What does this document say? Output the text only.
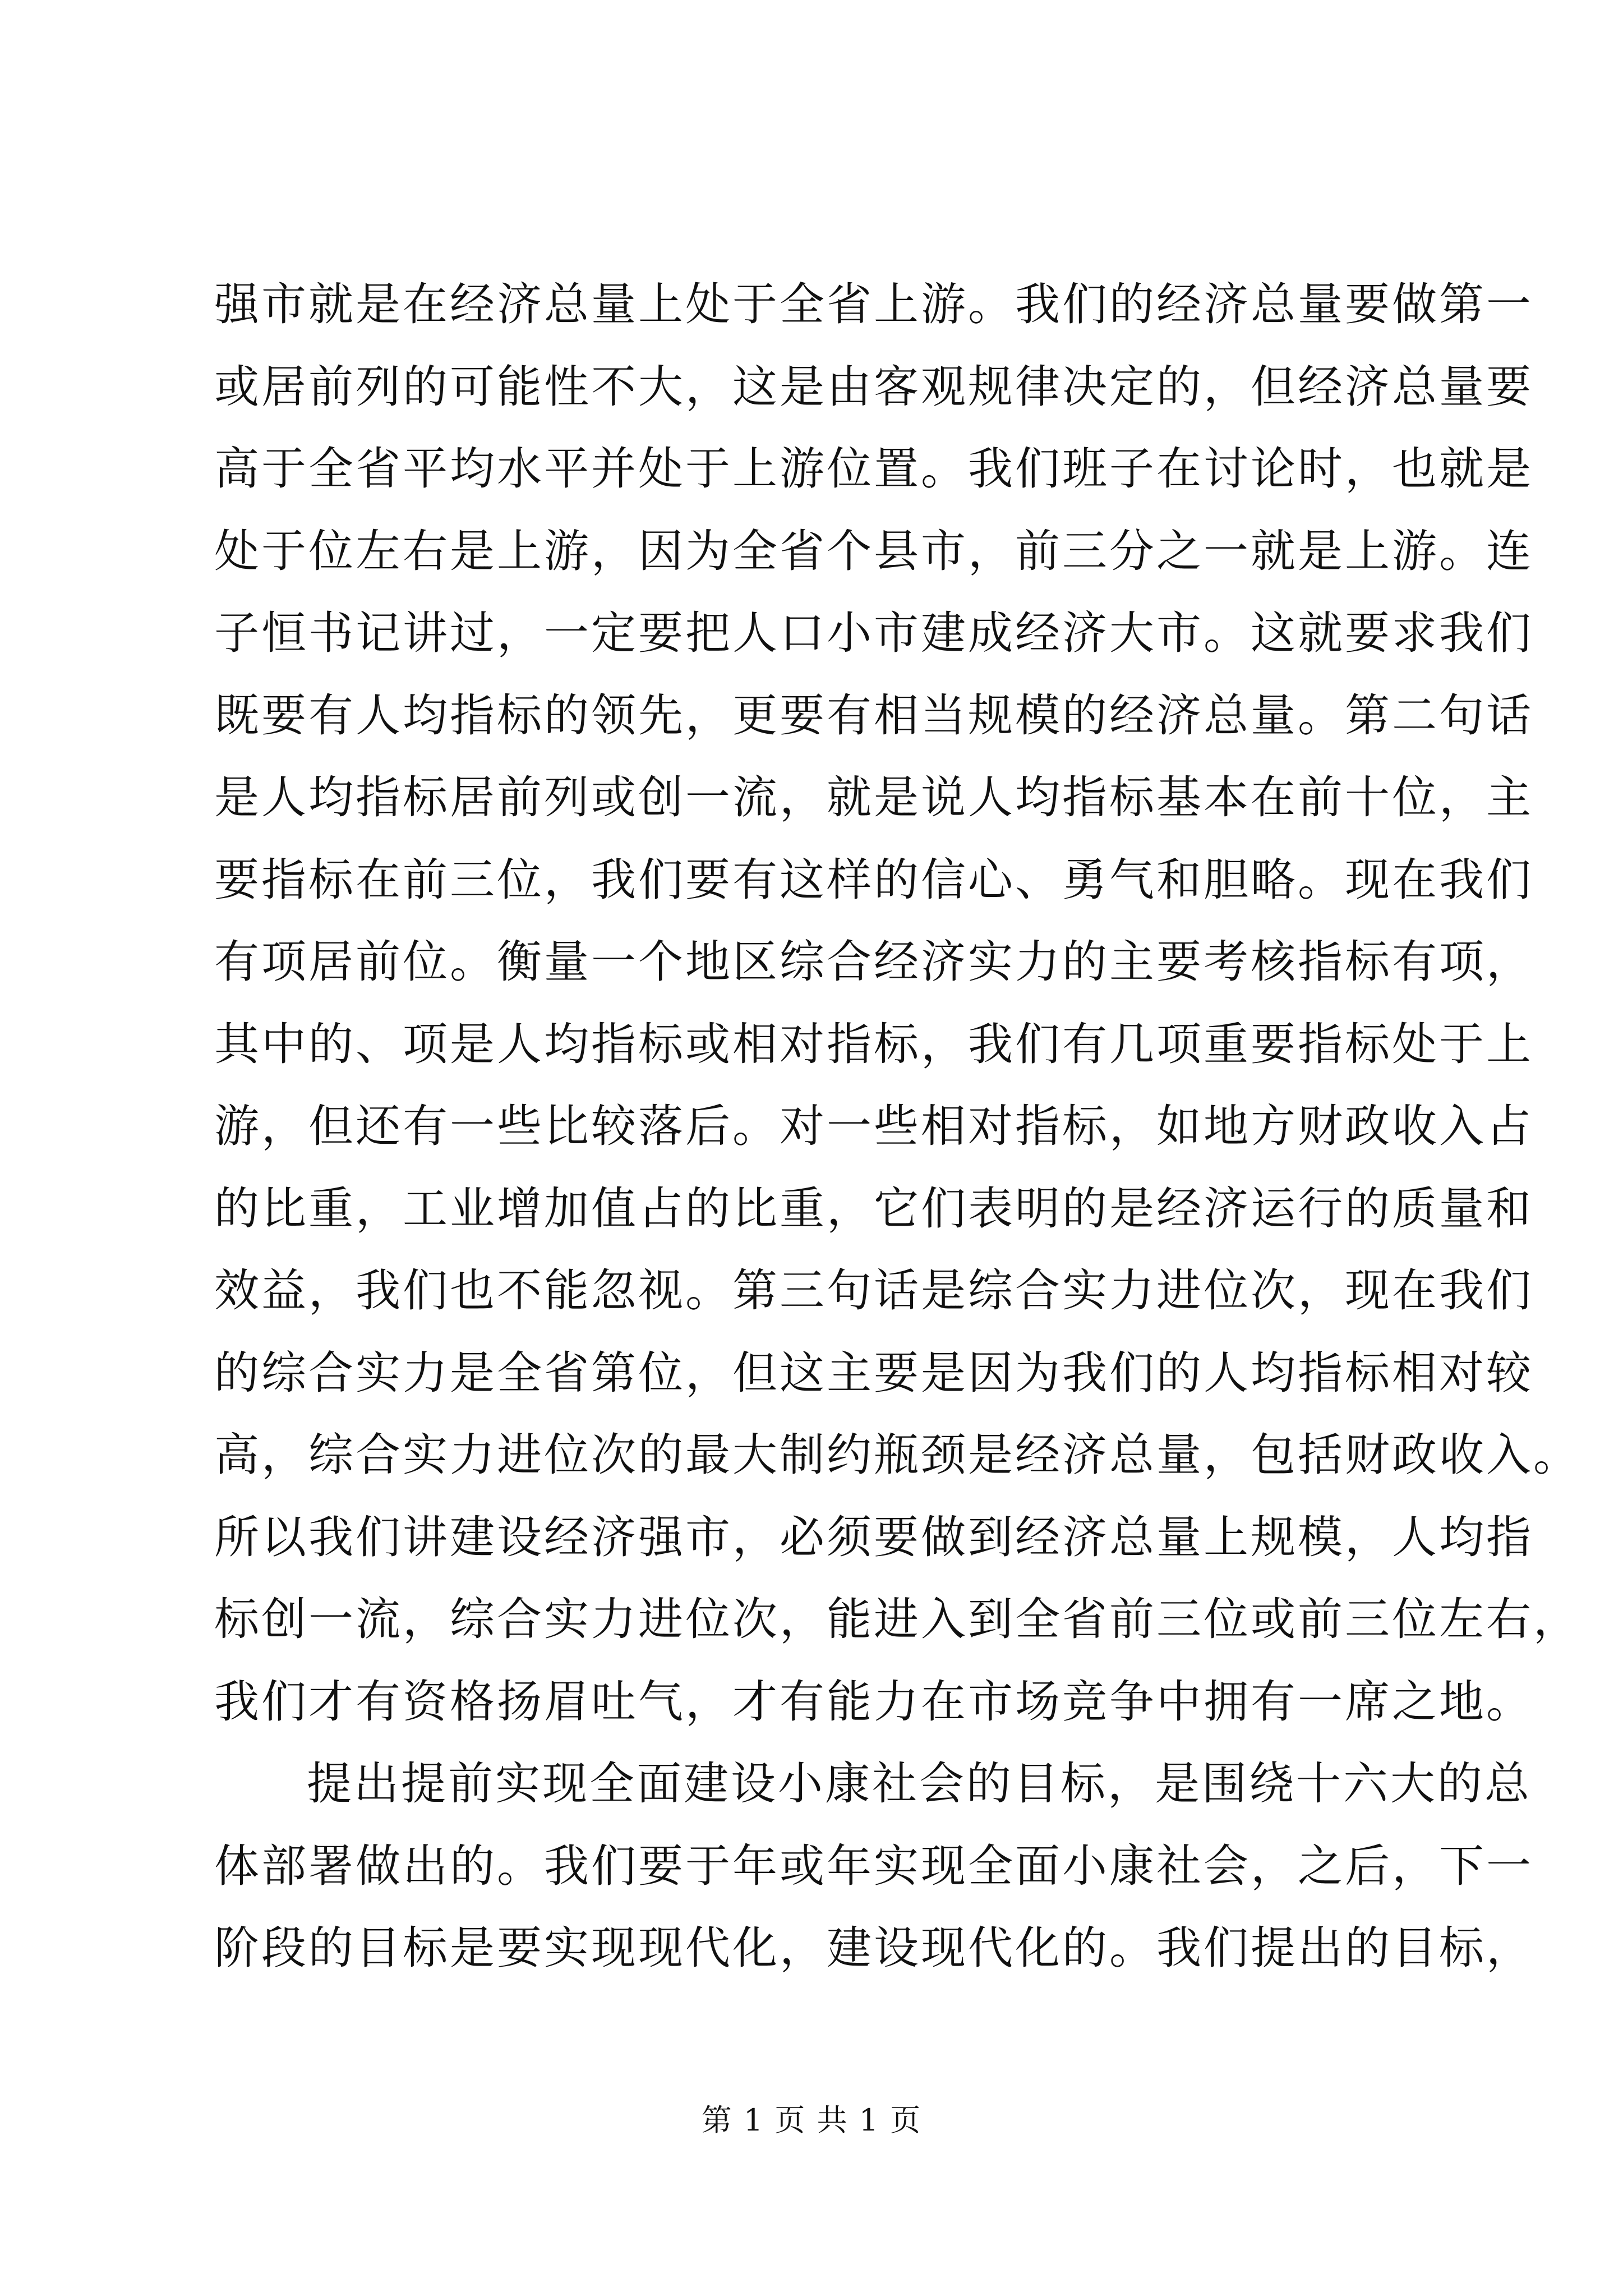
强市就是在经济总量上处于全省上游。我们的经济总量要做第一
或居前列的可能性不大，这是由客观规律决定的，但经济总量要
高于全省平均水平并处于上游位置。我们班子在讨论时，也就是
处于位左右是上游，因为全省个县市，前三分之一就是上游。连
子恒书记讲过，一定要把人口小市建成经济大市。这就要求我们
既要有人均指标的领先，更要有相当规模的经济总量。第二句话
是人均指标居前列或创一流，就是说人均指标基本在前十位，主
要指标在前三位，我们要有这样的信心、勇气和胆略。现在我们
有项居前位。衡量一个地区综合经济实力的主要考核指标有项，
其中的、项是人均指标或相对指标，我们有几项重要指标处于上
游，但还有一些比较落后。对一些相对指标，如地方财政收入占
的比重，工业增加值占的比重，它们表明的是经济运行的质量和
效益，我们也不能忽视。第三句话是综合实力进位次，现在我们
的综合实力是全省第位，但这主要是因为我们的人均指标相对较
高，综合实力进位次的最大制约瓶颈是经济总量，包括财政收入。
所以我们讲建设经济强市，必须要做到经济总量上规模，人均指
标创一流，综合实力进位次，能进入到全省前三位或前三位左右，
我们才有资格扬眉吐气，才有能力在市场竞争中拥有一席之地。
提出提前实现全面建设小康社会的目标，是围绕十六大的总
体部署做出的。我们要于年或年实现全面小康社会，之后，下一
阶段的目标是要实现现代化，建设现代化的。我们提出的目标，
第 1 页 共 1 页
